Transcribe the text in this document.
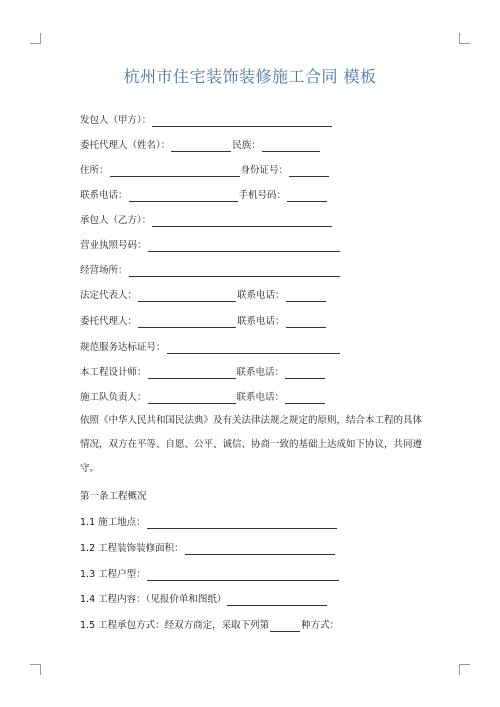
杭州市住宅装饰装修施工合同 模板
发包人（甲方）：
委托代理人（姓名）：	民族：
住所：	身份证号：
联系电话：	手机号码：
承包人（乙方）：
营业执照号码：
经营场所：
法定代表人：	联系电话：
委托代理人：	联系电话：
规范服务达标证号：
本工程设计师：	联系电话：
施工队负责人：	联系电话：
依照《中华人民共和国民法典》及有关法律法规之规定的原则，结合本工程的具体情况，双方在平等、自愿、公平、诚信、协商一致的基础上达成如下协议，共同遵守。
第一条工程概况
1.1 施工地点：
1.2 工程装饰装修面积：
1.3 工程户型：
1.4 工程内容：（见报价单和图纸）
1.5 工程承包方式：经双方商定，采取下列第	种方式：
